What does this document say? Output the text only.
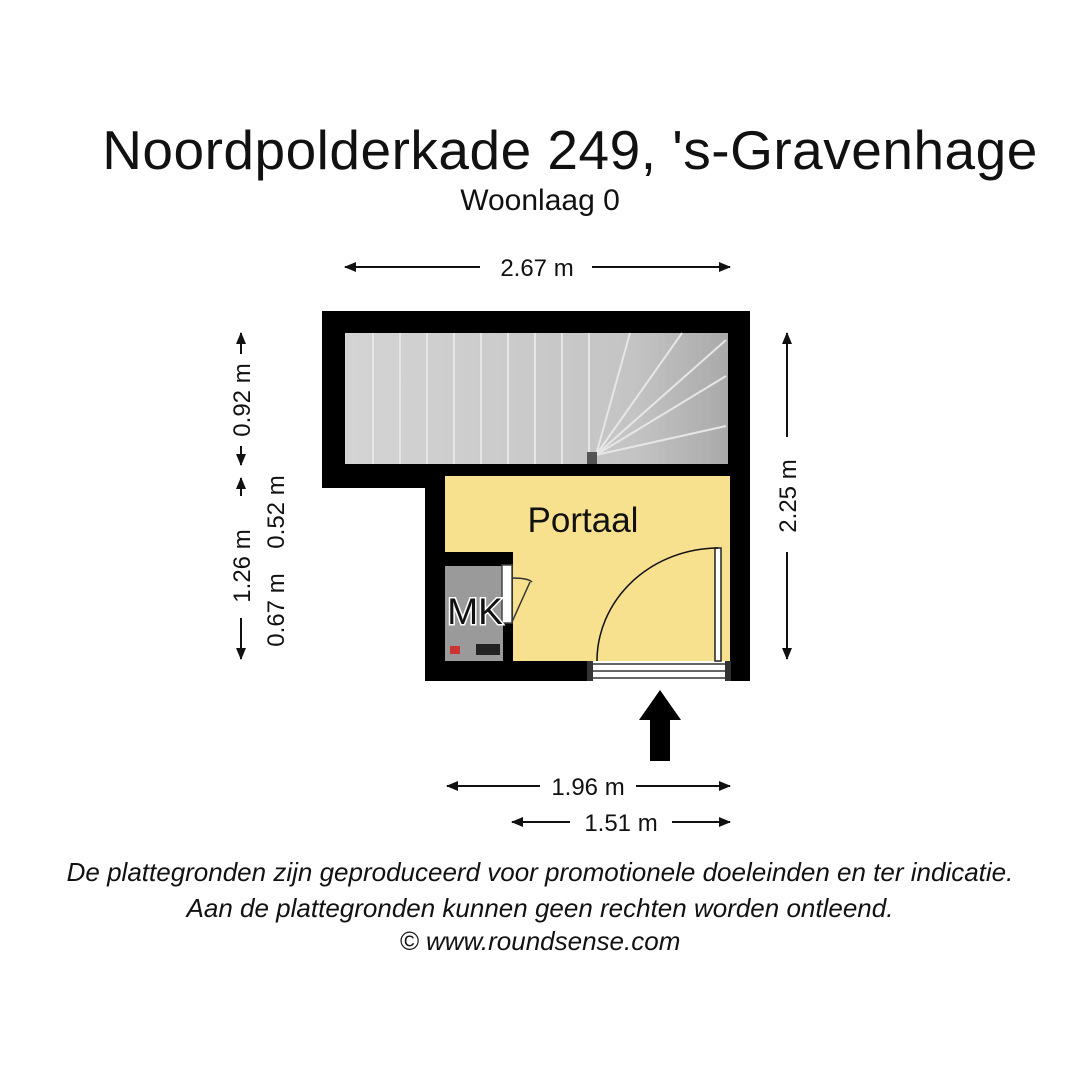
Noordpolderkade 249, 's-Gravenhage
Woonlaag 0
Portaal
MK
2.67 m
2.25 m
0.92 m
1.26 m
0.52 m
0.67 m
1.96 m
1.51 m
De plattegronden zijn geproduceerd voor promotionele doeleinden en ter indicatie.
Aan de plattegronden kunnen geen rechten worden ontleend.
© www.roundsense.com
